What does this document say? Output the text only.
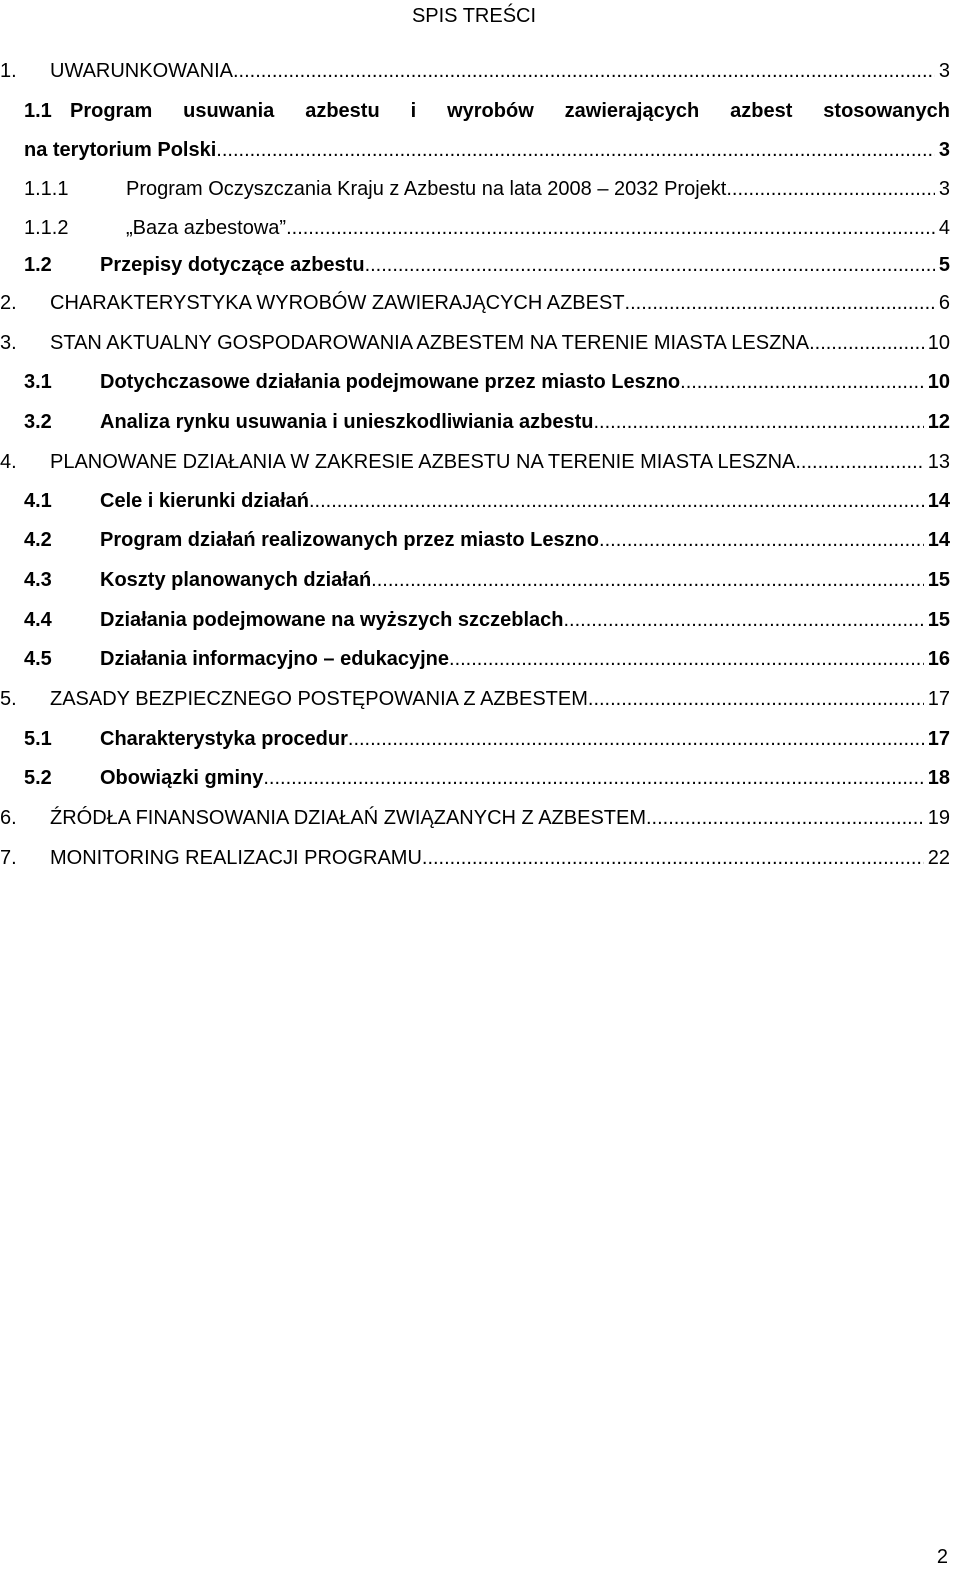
SPIS TREŚCI
1. UWARUNKOWANIA .....	3
1.1 Program usuwania azbestu i wyrobów zawierających azbest stosowanych
na terytorium Polski .....	3
1.1.1	Program Oczyszczania Kraju z Azbestu na lata 2008 – 2032 Projekt .....	3
1.1.2	„Baza azbestowa” .....	4
1.2 Przepisy dotyczące azbestu .....	5
2. CHARAKTERYSTYKA WYROBÓW ZAWIERAJĄCYCH AZBEST .....	6
3. STAN AKTUALNY GOSPODAROWANIA AZBESTEM NA TERENIE MIASTA LESZNA .....	10
3.1 Dotychczasowe działania podejmowane przez miasto Leszno .....	10
3.2 Analiza rynku usuwania i unieszkodliwiania azbestu .....	12
4. PLANOWANE DZIAŁANIA W ZAKRESIE AZBESTU NA TERENIE MIASTA LESZNA .....	13
4.1 Cele i kierunki działań .....	14
4.2 Program działań realizowanych przez miasto Leszno .....	14
4.3 Koszty planowanych działań .....	15
4.4 Działania podejmowane na wyższych szczeblach .....	15
4.5 Działania informacyjno – edukacyjne .....	16
5. ZASADY BEZPIECZNEGO POSTĘPOWANIA Z AZBESTEM .....	17
5.1 Charakterystyka procedur .....	17
5.2 Obowiązki gminy .....	18
6. ŹRÓDŁA FINANSOWANIA DZIAŁAŃ ZWIĄZANYCH Z AZBESTEM .....	19
7. MONITORING REALIZACJI PROGRAMU .....	22
2
